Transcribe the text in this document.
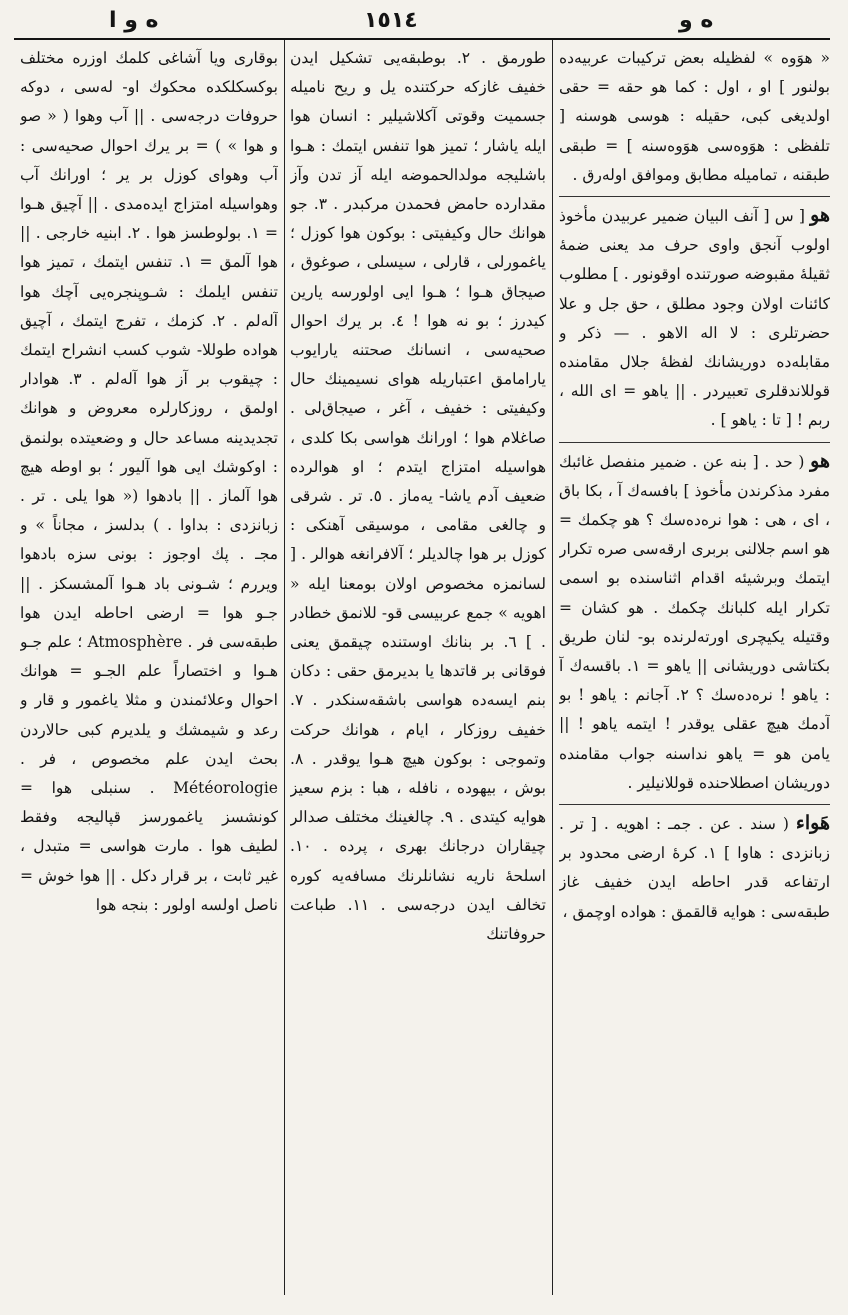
ه و ا	١٥١٤	ه و

« هوَوه » لفظیله بعض ترکیبات عربیه‌ده بولنور ] او ، اول : کما هو حقه = حقی اولدیغی کبی، حقیله : هوسی هوسنه [ تلفظی : هوَوه‌سی هوَوه‌سنه ] = طبقی طبقنه ، تمامیله مطابق وموافق اوله‌رق .

هو [ س [ آنف البیان ضمیر عربیدن مأخوذ اولوب آنجق واوی حرف مد یعنی ضمهٔ ثقیلهٔ مقبوضه صورتنده اوقونور . ] مطلوب کائنات اولان وجود مطلق ، حق جل و علا حضرتلری : لا اله الاهو . — ذکر و مقابله‌ده دوریشانك لفظهٔ جلال مقامنده قوللاندقلری تعبیردر . || یاهو = ای الله ، ربم ! [ تا : یاهو ] .
هو ( حد . [ بنه عن . ضمیر منفصل غائبك مفرد مذکرندن مأخوذ ] بافسه‌ك آ ، بکا باق ، ای ، هی : هوا نره‌ده‌سك ؟ هو چکمك = هو اسم جلالنی بربری ارقه‌سی صره تکرار ایتمك وبرشیئه اقدام اثناسنده بو اسمی تکرار ایله کلبانك چکمك . هو کشان = وقتیله یکیچری اورته‌لرنده بو- لنان طریق بکتاشی دوریشانی || یاهو = ١. باقسه‌ك آ : یاهو ! نره‌ده‌سك ؟ ٢. آجانم : یاهو ! بو آدمك هیچ عقلی یوقدر ! ایتمه یاهو ! || یامن هو = یاهو نداسنه جواب مقامنده دوریشان اصطلاحنده قوللانیلیر .
هَواء ( سند . عن . جمـ : اهویه . [ تر . زبانزدی : هاوا ] ١. کرهٔ ارضی محدود بر ارتفاعه قدر احاطه ایدن خفیف غاز طبقه‌سی : هوایه قالقمق : هواده اوچمق ،

طورمق . ٢. بوطبقه‌یی تشکیل ایدن خفیف غازکه حرکتنده یل و ریح نامیله جسمیت وقوتی آکلاشیلیر : انسان هوا ایله یاشار ؛ تمیز هوا تنفس ایتمك : هـوا باشلیجه مولدالحموضه ایله آز تدن وآز مقدارده حامض فحمدن مرکبدر . ٣. جو هوانك حال وکیفیتی : بوکون هوا کوزل ؛ یاغمورلی ، قارلی ، سیسلی ، صوغوق ، صیجاق هـوا ؛ هـوا ایی اولورسه یارین کیدرز ؛ بو نه هوا ! ٤. بر یرك احوال صحیه‌سی ، انسانك صحتنه یارایوب یارامامق اعتباریله هوای نسیمینك حال وکیفیتی : خفیف ، آغر ، صیجاق‌لی . صاغلام هوا ؛ اورانك هواسی بکا کلدی ، هواسیله امتزاج ایتدم ؛ او هوالرده ضعیف آدم یاشا- یه‌ماز . ٥. تر . شرقی و چالغی مقامی ، موسیقی آهنکی : کوزل بر هوا چالدیلر ؛ آلافرانغه هوالر . [ لسانمزه مخصوص اولان بومعنا ایله « اهویه » جمع عربیسی قو- للانمق خطادر . ] ٦. بر بنانك اوستنده چیقمق یعنی فوقانی بر قاتدها یا بدیرمق حقی : دکان بنم ایسه‌ده هواسی باشقه‌سنکدر . ٧. خفیف روزکار ، ایام ، هوانك حرکت وتموجی : بوکون هیچ هـوا یوقدر . ٨. بوش ، بیهوده ، نافله ، هبا : بزم سعیز هوایه کیتدی . ٩. چالغینك مختلف صدالر چیقاران درجانك بهری ، پرده . ١٠. اسلحهٔ ناریه نشانلرنك مسافه‌یه کوره تخالف ایدن درجه‌سی . ١١. طباعت حروفاتنك

بوقاری ویا آشاغی کلمك اوزره مختلف بوکسکلکده محکوك او- له‌سی ، دوکه حروفات درجه‌سی . || آب وهوا ( « صو و هوا » ) = بر یرك احوال صحیه‌سی : آب وهوای کوزل بر یر ؛ اورانك آب وهواسیله امتزاج ایده‌مدی . || آچیق هـوا = ١. بولوطسز هوا . ٢. ابنیه خارجی . || هوا آلمق = ١. تنفس ایتمك ، تمیز هوا تنفس ایلمك : شـوپنجره‌یی آچك هوا آله‌لم . ٢. کزمك ، تفرج ایتمك ، آچیق هواده طوللا- شوب کسب انشراح ایتمك : چیقوب بر آز هوا آله‌لم . ٣. هوادار اولمق ، روزکارلره معروض و هوانك تجدیدینه مساعد حال و وضعیتده بولنمق : اوکوشك ایی هوا آلیور ؛ بو اوطه هیچ هوا آلماز . || بادهوا (« هوا یلی . تر . زبانزدی : بداوا . ) بدلسز ، مجاناً » و مجـ . پك اوجوز : بونی سزه بادهوا ویررم ؛ شـونی باد هـوا آلمشسکز . || جـو هوا = ارضی احاطه ایدن هوا طبقه‌سی فر . Atmosphère ؛ علم جـو هـوا و اختصاراً علم الجـو = هوانك احوال وعلائمندن و مثلا یاغمور و قار و رعد و شیمشك و یلدیرم کبی حالاردن بحث ایدن علم مخصوص ، فر . Météorologie . سنبلی هوا = کونشسز یاغمورسز قپالیجه وفقط لطیف هوا . مارت هواسی = متبدل ، غیر ثابت ، بر قرار دکل . || هوا خوش = ناصل اولسه اولور : بنجه هوا
